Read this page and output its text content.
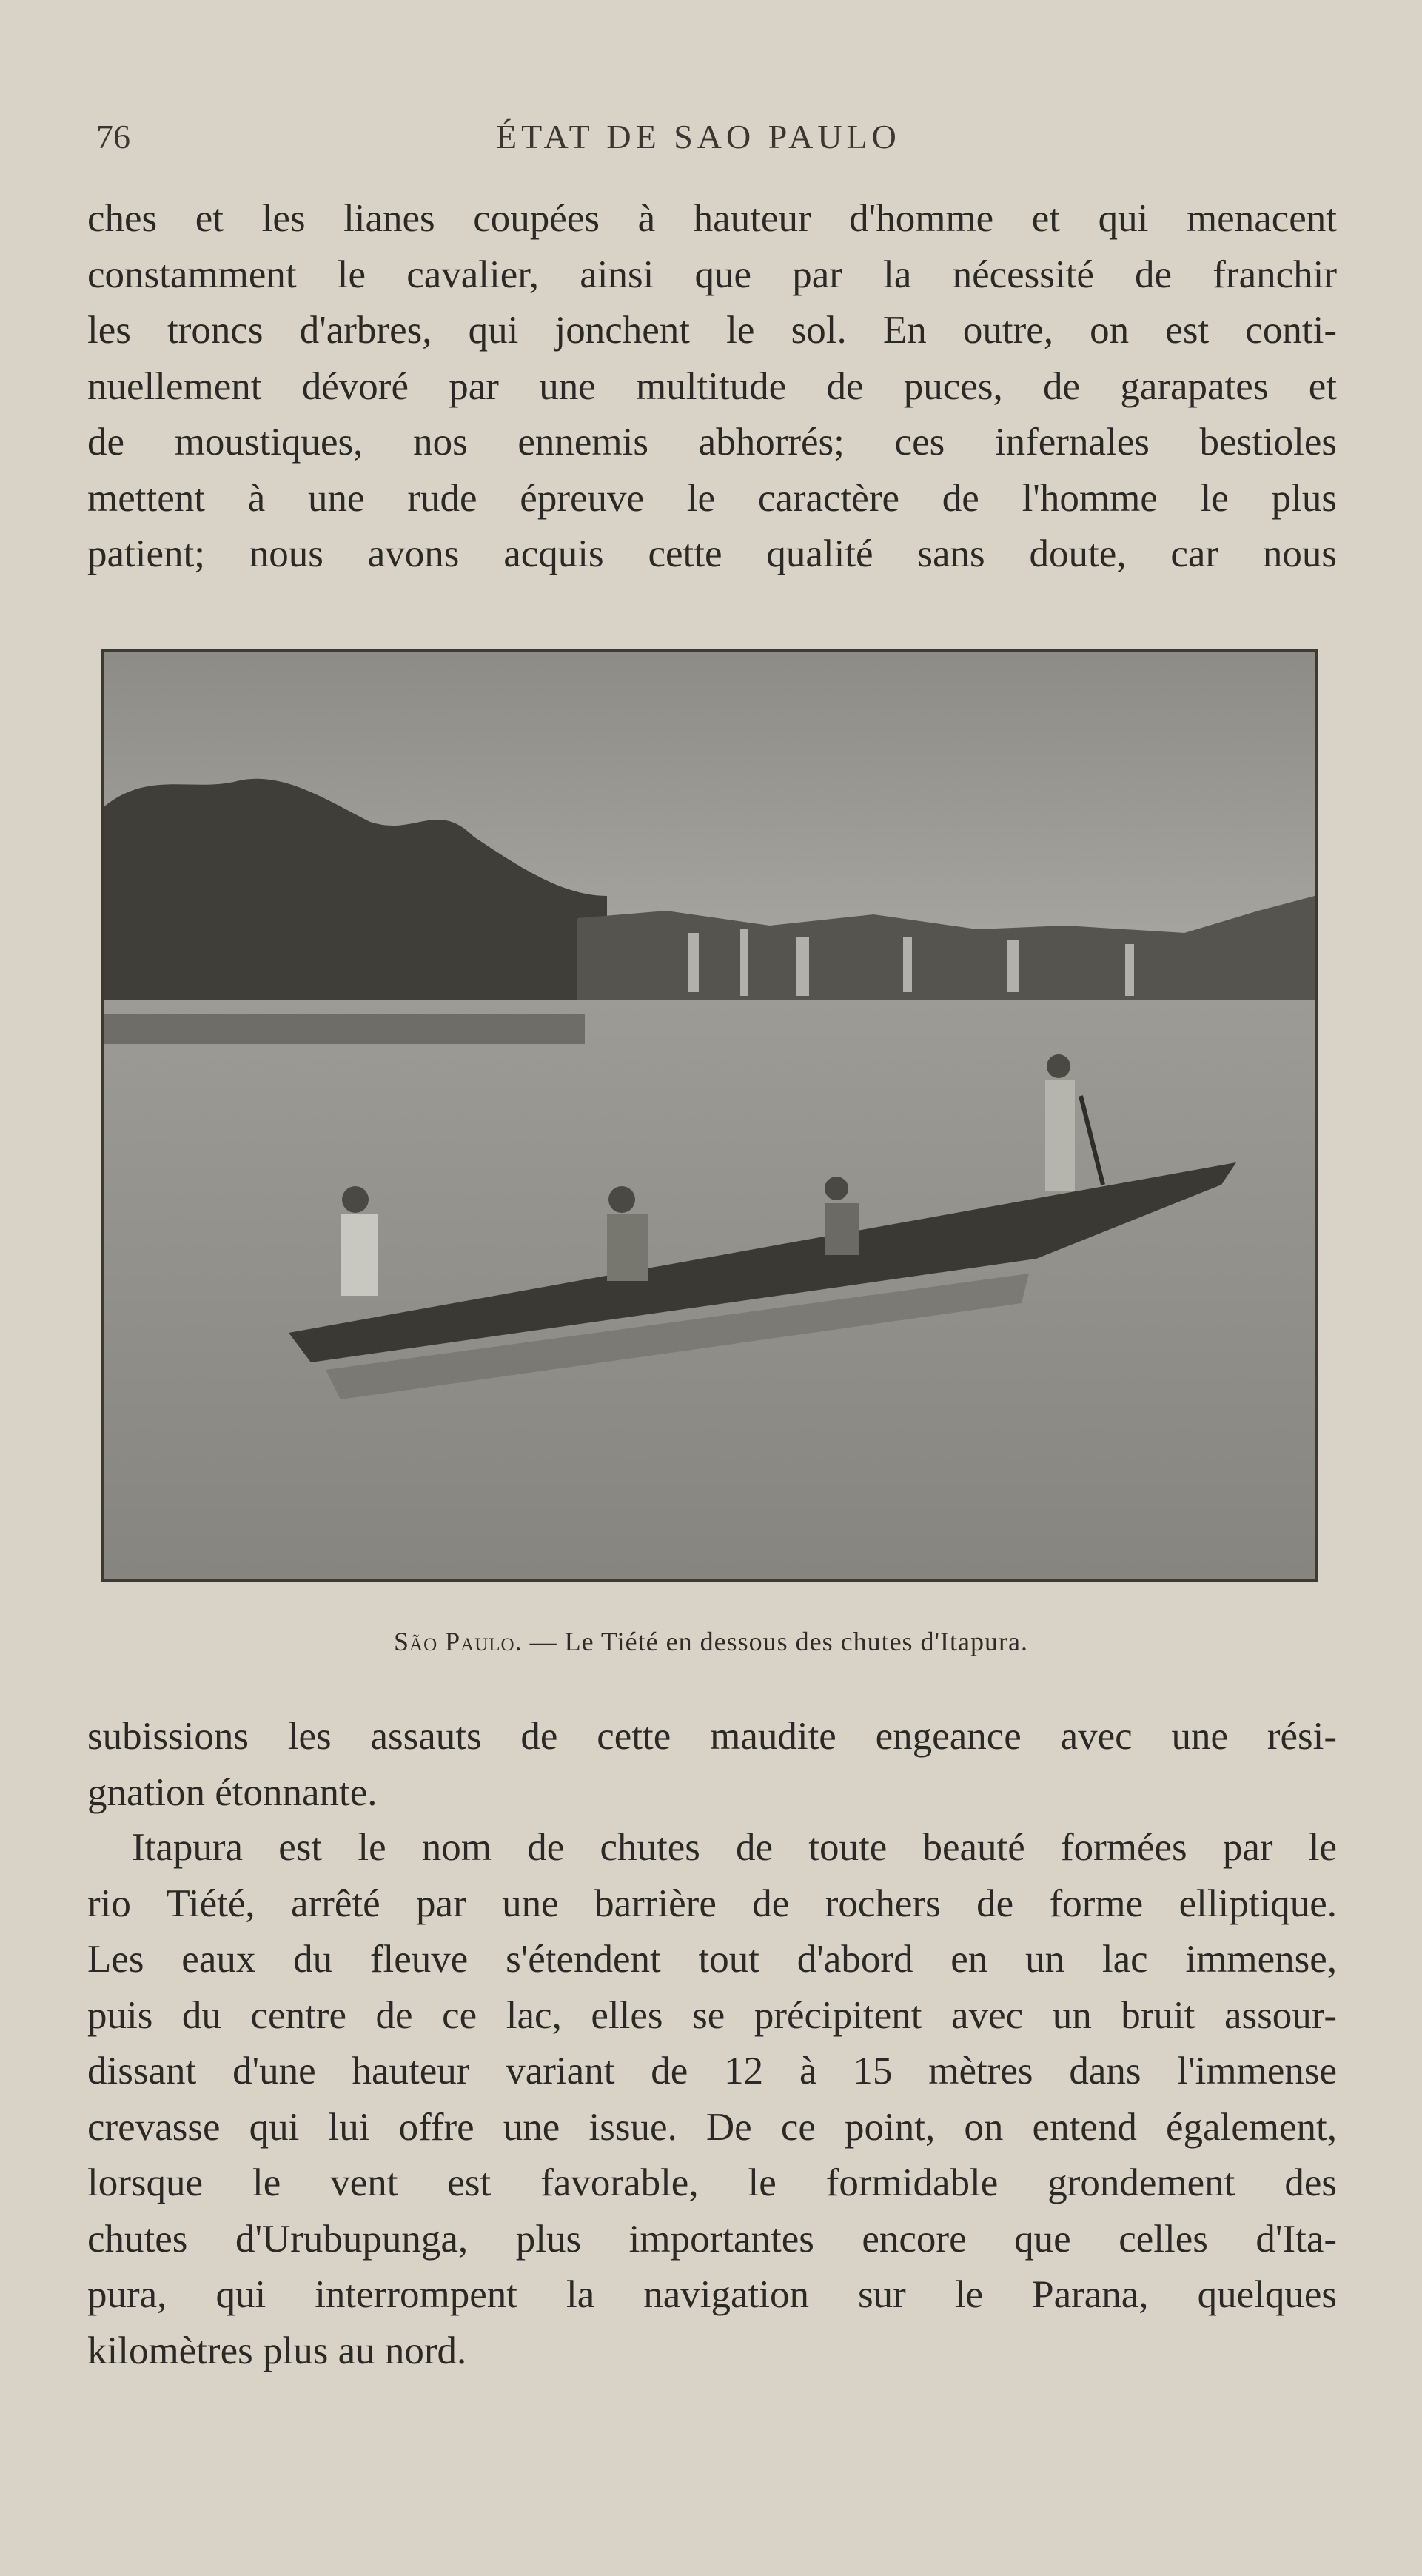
76	ÉTAT DE SAO PAULO
ches et les lianes coupées à hauteur d'homme et qui menacent
constamment le cavalier, ainsi que par la nécessité de franchir
les troncs d'arbres, qui jonchent le sol. En outre, on est conti-
nuellement dévoré par une multitude de puces, de garapates et
de moustiques, nos ennemis abhorrés; ces infernales bestioles
mettent à une rude épreuve le caractère de l'homme le plus
patient; nous avons acquis cette qualité sans doute, car nous
São Paulo. — Le Tiété en dessous des chutes d'Itapura.
subissions les assauts de cette maudite engeance avec une rési-
gnation étonnante.
Itapura est le nom de chutes de toute beauté formées par le
rio Tiété, arrêté par une barrière de rochers de forme elliptique.
Les eaux du fleuve s'étendent tout d'abord en un lac immense,
puis du centre de ce lac, elles se précipitent avec un bruit assour-
dissant d'une hauteur variant de 12 à 15 mètres dans l'immense
crevasse qui lui offre une issue. De ce point, on entend également,
lorsque le vent est favorable, le formidable grondement des
chutes d'Urubupunga, plus importantes encore que celles d'Ita-
pura, qui interrompent la navigation sur le Parana, quelques
kilomètres plus au nord.
